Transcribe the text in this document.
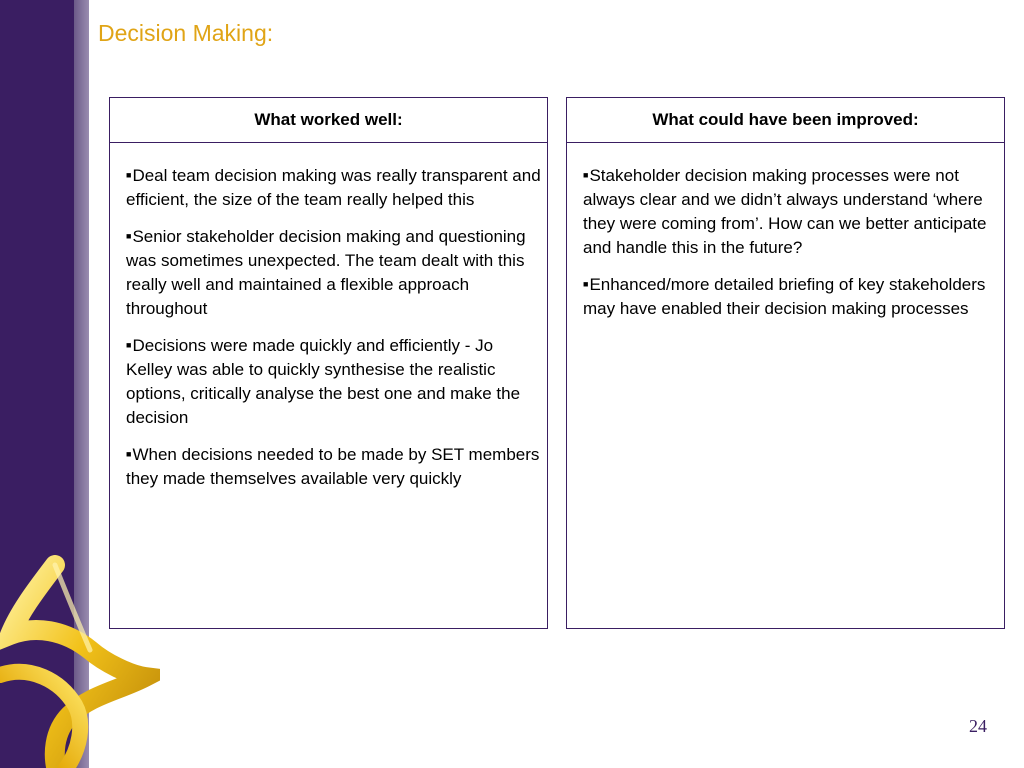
Decision Making:
What worked well:

■Deal team decision making was really transparent and efficient, the size of the team really helped this

■Senior stakeholder decision making and questioning was sometimes unexpected. The team dealt with this really well and maintained a flexible approach throughout

■Decisions were made quickly and efficiently - Jo Kelley was able to quickly synthesise the realistic options, critically analyse the best one and make the decision

■When decisions needed to be made by SET members they made themselves available very quickly

What could have been improved:

■Stakeholder decision making processes were not always clear and we didn’t always understand ‘where they were coming from’. How can we better anticipate and handle this in the future?

■Enhanced/more detailed briefing of key stakeholders may have enabled their decision making processes

24
